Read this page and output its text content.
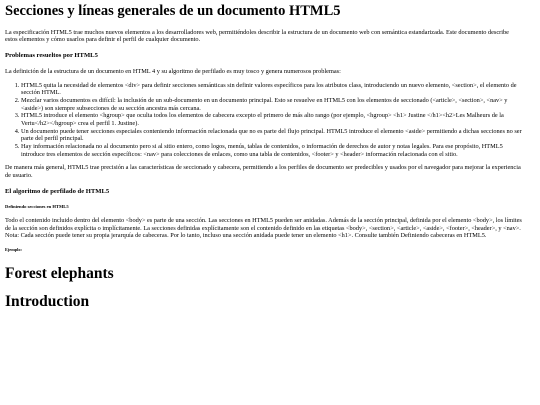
Secciones y líneas generales de un documento HTML5

La especificación HTML5 trae muchos nuevos elementos a los desarrolladores web, permitiéndoles describir la estructura de un documento web con semántica estandarizada. Este documento describe estos elementos y cómo usarlos para definir el perfil de cualquier documento.

Problemas resueltos por HTML5

La definición de la estructura de un documento en HTML 4 y su algoritmo de perfilado es muy tosco y genera numerosos problemas:

1. HTML5 quita la necesidad de elementos <div> para definir secciones semánticas sin definir valores específicos para los atributos class, introduciendo un nuevo elemento, <section>, el elemento de sección HTML.
2. Mezclar varios documentos es difícil: la inclusión de un sub-documento en un documento principal. Esto se resuelve en HTML5 con los elementos de seccionado (<article>, <section>, <nav> y <aside>) son siempre subsecciones de su sección ancestra más cercana.
3. HTML5 introduce el elemento <hgroup> que oculta todos los elementos de cabecera excepto el primero de más alto rango (por ejemplo, <hgroup> <h1> Justine </h1><h2>Les Malheurs de la Vertu</h2></hgroup> crea el perfil 1. Justine).
4. Un documento puede tener secciones especiales conteniendo información relacionada que no es parte del flujo principal. HTML5 introduce el elemento <aside> permitiendo a dichas secciones no ser parte del perfil principal.
5. Hay información relacionada no al documento pero si al sitio entero, como logos, menús, tablas de contenidos, o información de derechos de autor y notas legales. Para ese propósito, HTML5 introduce tres elementos de sección específicos: <nav> para colecciones de enlaces, como una tabla de contenidos, <footer> y <header> información relacionada con el sitio.

De manera más general, HTML5 trae precisión a las características de seccionado y cabecera, permitiendo a los perfiles de documento ser predecibles y usados por el navegador para mejorar la experiencia de usuario.

El algoritmo de perfilado de HTML5
Definiendo secciones en HTML5

Todo el contenido incluido dentro del elemento <body> es parte de una sección. Las secciones en HTML5 pueden ser anidadas. Además de la sección principal, definida por el elemento <body>, los límites de la sección son definidos explícita o implícitamente. La secciones definidas explícitamente son el contenido definido en las etiquetas <body>, <section>, <article>, <aside>, <footer>, <header>, y <nav>. Nota: Cada sección puede tener su propia jerarquía de cabeceras. Por lo tanto, incluso una sección anidada puede tener un elemento <h1>. Consulte también Definiendo cabeceras en HTML5.

Ejemplo:
Forest elephants
Introduction
